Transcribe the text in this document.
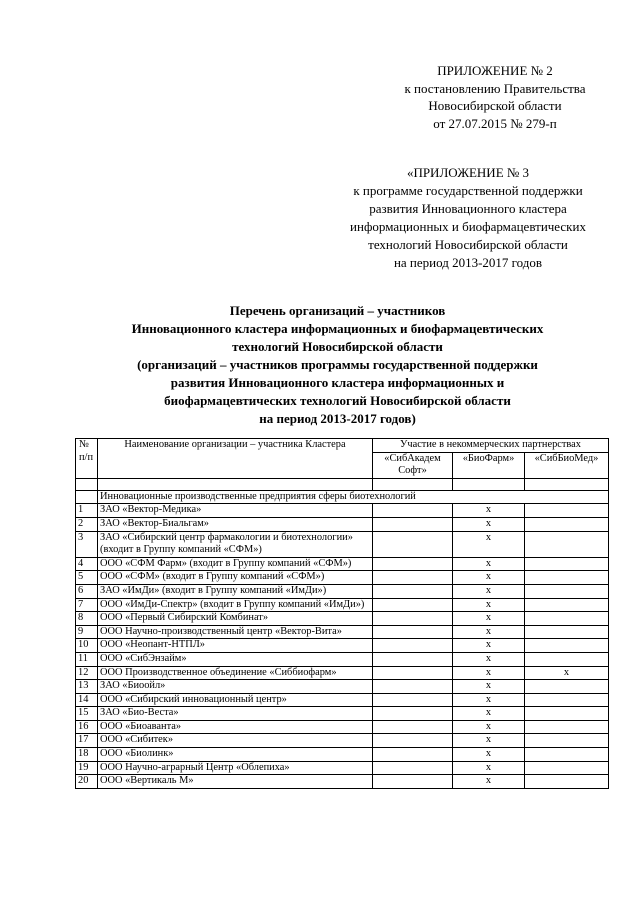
ПРИЛОЖЕНИЕ № 2
к постановлению Правительства
Новосибирской области
от 27.07.2015 № 279-п
«ПРИЛОЖЕНИЕ № 3
к программе государственной поддержки
развития Инновационного кластера
информационных и биофармацевтических
технологий Новосибирской области
на период 2013-2017 годов
Перечень организаций – участников
Инновационного кластера информационных и биофармацевтических
технологий Новосибирской области
(организаций – участников программы государственной поддержки
развития Инновационного кластера информационных и
биофармацевтических технологий Новосибирской области
на период 2013-2017 годов)
№ п/п	Наименование организации – участника Кластера	Участие в некоммерческих партнерствах		
		«СибАкадем Софт»	«БиоФарм»	«СибБиоМед»

	Инновационные производственные предприятия сферы биотехнологий			
1	ЗАО «Вектор-Медика»		х	
2	ЗАО «Вектор-Биальгам»		х	
3	ЗАО «Сибирский центр фармакологии и биотехнологии» (входит в Группу компаний «СФМ»)		х	
4	ООО «СФМ Фарм» (входит в Группу компаний «СФМ»)		х	
5	ООО «СФМ» (входит в Группу компаний «СФМ»)		х	
6	ЗАО «ИмДи» (входит в Группу компаний «ИмДи»)		х	
7	ООО «ИмДи-Спектр» (входит в Группу компаний «ИмДи»)		х	
8	ООО «Первый Сибирский Комбинат»		х	
9	ООО Научно-производственный центр «Вектор-Вита»		х	
10	ООО «Неопант-НТПЛ»		х	
11	ООО «СибЭнзайм»		х	
12	ООО Производственное объединение «Сиббиофарм»		х	х
13	ЗАО «Биоойл»		х	
14	ООО «Сибирский инновационный центр»		х	
15	ЗАО «Био-Веста»		х	
16	ООО «Биоаванта»		х	
17	ООО «Сибитек»		х	
18	ООО «Биолинк»		х	
19	ООО Научно-аграрный Центр «Облепиха»		х	
20	ООО «Вертикаль М»		х	
